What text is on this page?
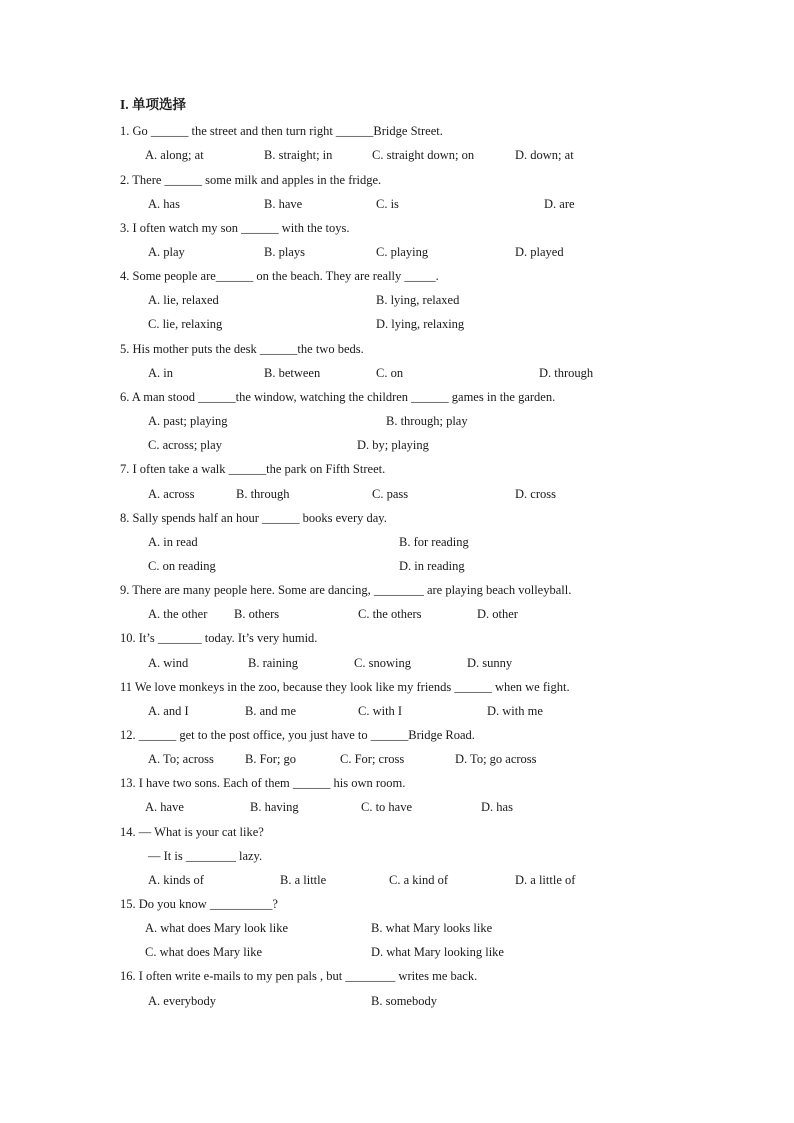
I. 单项选择
1. Go ______ the street and then turn right ______Bridge Street.
A. along; at	B. straight; in	C. straight down; on	D. down; at
2. There ______ some milk and apples in the fridge.
A. has	B. have	C. is	D. are
3. I often watch my son ______ with the toys.
A. play	B. plays	C. playing	D. played
4. Some people are______ on the beach. They are really _____.
A. lie, relaxed	B. lying, relaxed
C. lie, relaxing	D. lying, relaxing
5. His mother puts the desk ______the two beds.
A. in	B. between	C. on	D. through
6. A man stood ______the window, watching the children ______ games in the garden.
A. past; playing	B. through; play
C. across; play	D. by; playing
7. I often take a walk ______the park on Fifth Street.
A. across	B. through	C. pass	D. cross
8. Sally spends half an hour ______ books every day.
A. in read	B. for reading
C. on reading	D. in reading
9. There are many people here. Some are dancing, ________ are playing beach volleyball.
A. the other B. others	C. the others	D. other
10. It’s _______ today. It’s very humid.
A. wind	B. raining	C. snowing	D. sunny
11 We love monkeys in the zoo, because they look like my friends ______ when we fight.
A. and I	B. and me	C. with I	D. with me
12. ______ get to the post office, you just have to ______Bridge Road.
A. To; across B. For; go	C. For; cross	D. To; go across
13. I have two sons. Each of them ______ his own room.
A. have	B. having	C. to have	D. has
14. — What is your cat like?
— It is ________ lazy.
A. kinds of	B. a little	C. a kind of	D. a little of
15. Do you know __________?
A. what does Mary look like	B. what Mary looks like
C. what does Mary like	D. what Mary looking like
16. I often write e-mails to my pen pals , but ________ writes me back.
A. everybody	B. somebody
